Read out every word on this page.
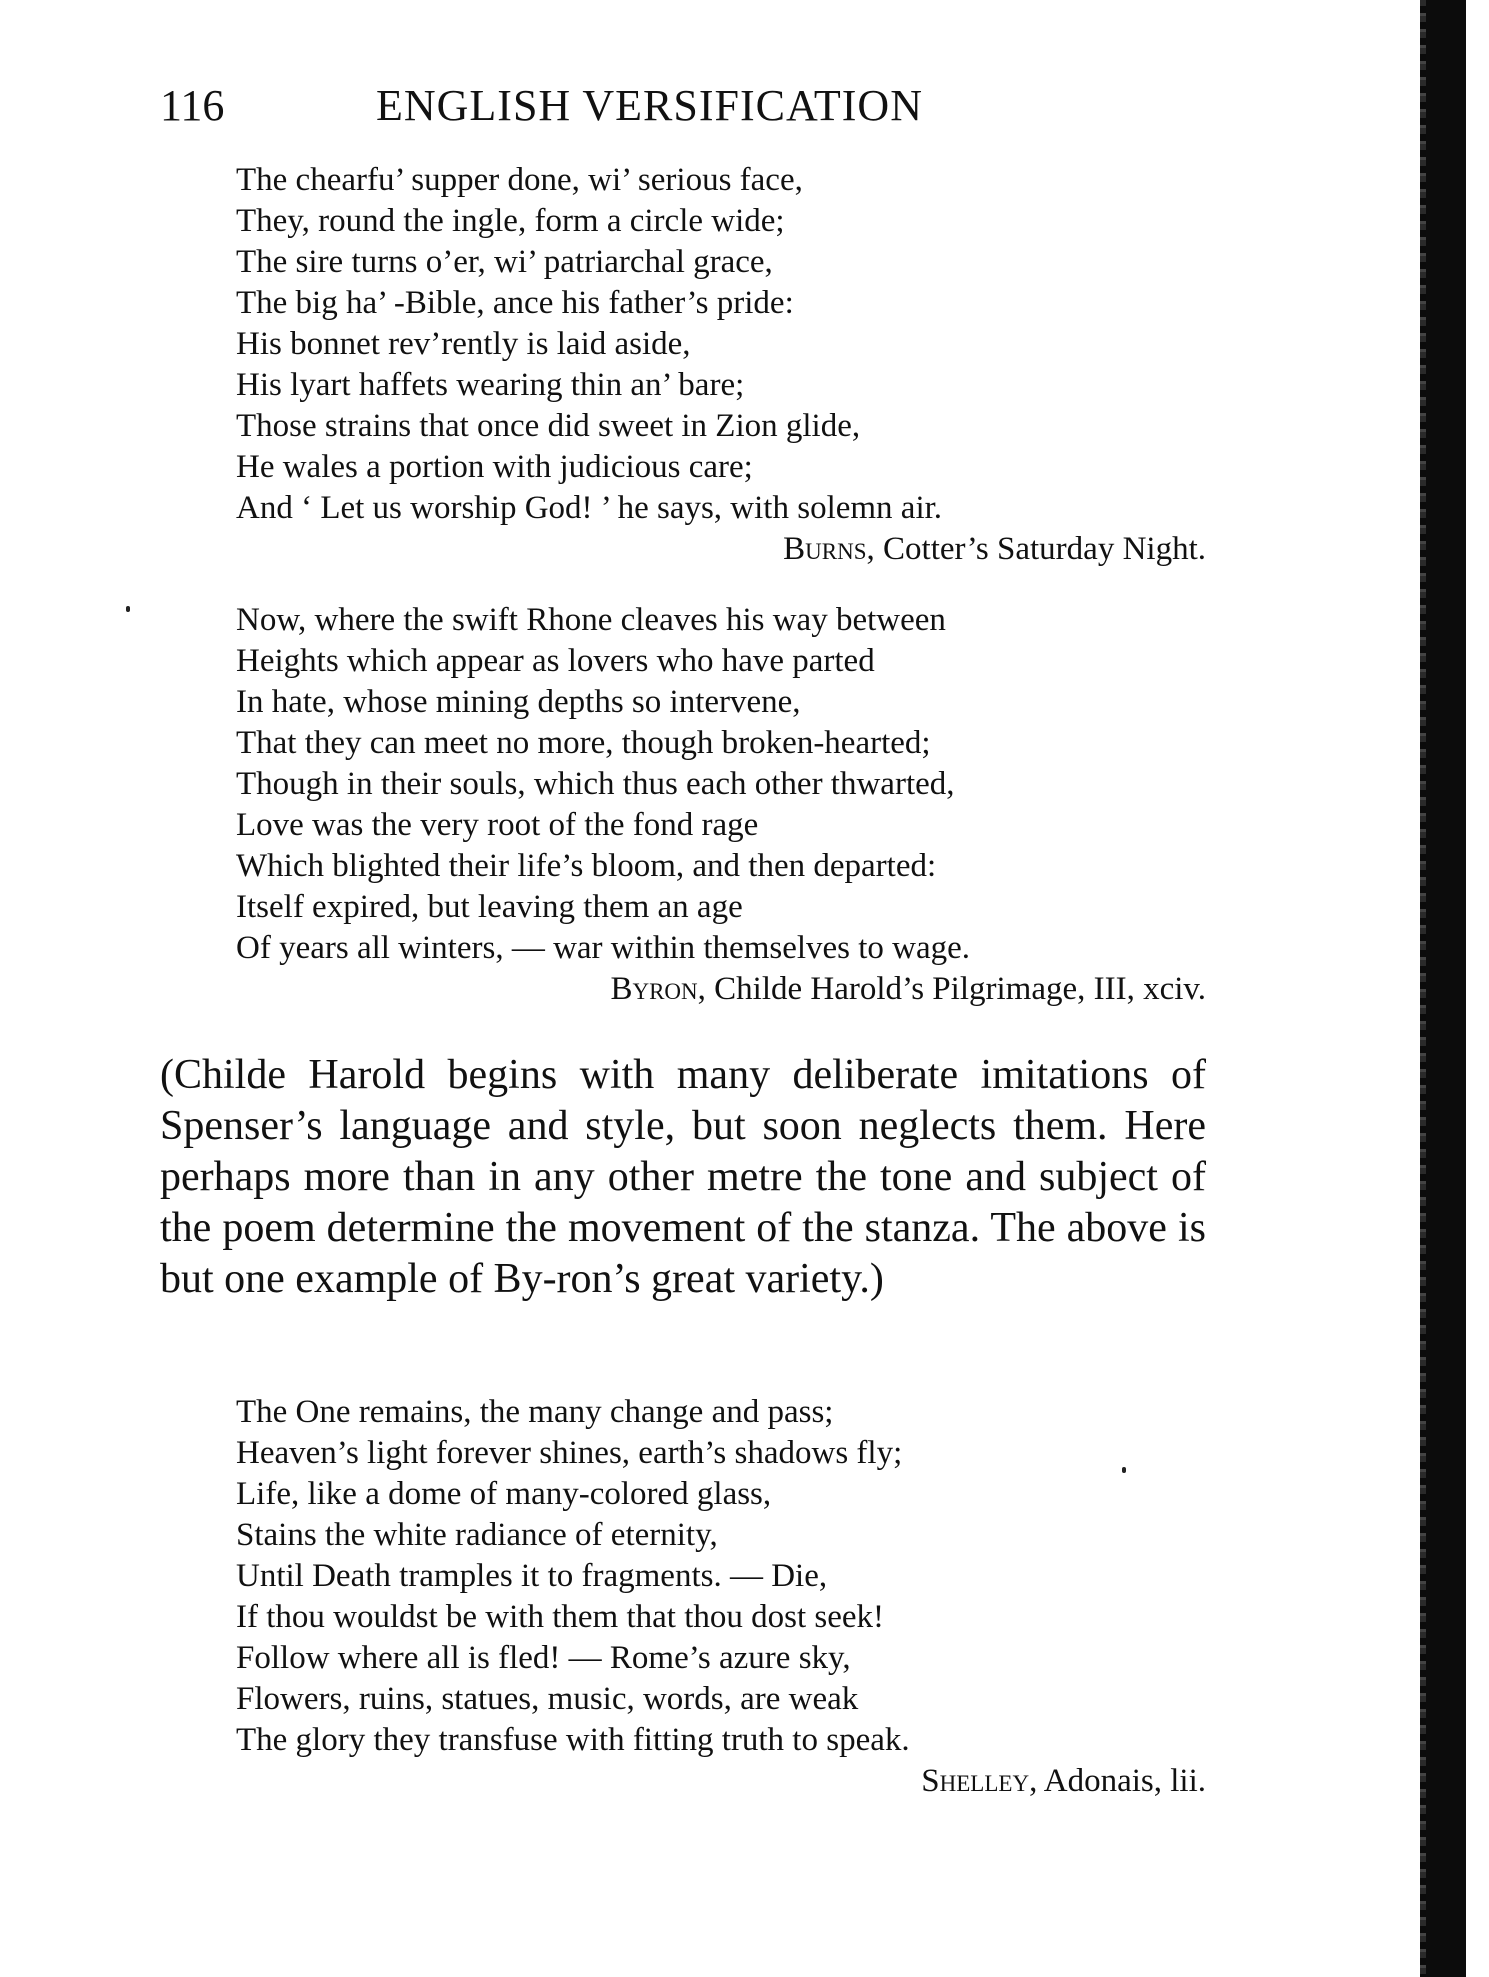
116	ENGLISH VERSIFICATION
The chearfu’ supper done, wi’ serious face,
They, round the ingle, form a circle wide;
The sire turns o’er, wi’ patriarchal grace,
The big ha’ -Bible, ance his father’s pride:
His bonnet rev’rently is laid aside,
His lyart haffets wearing thin an’ bare;
Those strains that once did sweet in Zion glide,
He wales a portion with judicious care;
And ‘ Let us worship God! ’ he says, with solemn air.
Burns, Cotter’s Saturday Night.
Now, where the swift Rhone cleaves his way between
Heights which appear as lovers who have parted
In hate, whose mining depths so intervene,
That they can meet no more, though broken-hearted;
Though in their souls, which thus each other thwarted,
Love was the very root of the fond rage
Which blighted their life’s bloom, and then departed:
Itself expired, but leaving them an age
Of years all winters, — war within themselves to wage.
Byron, Childe Harold’s Pilgrimage, III, xciv.
(Childe Harold begins with many deliberate imitations of Spenser’s language and style, but soon neglects them. Here perhaps more than in any other metre the tone and subject of the poem determine the movement of the stanza. The above is but one example of By-ron’s great variety.)
The One remains, the many change and pass;
Heaven’s light forever shines, earth’s shadows fly;
Life, like a dome of many-colored glass,
Stains the white radiance of eternity,
Until Death tramples it to fragments. — Die,
If thou wouldst be with them that thou dost seek!
Follow where all is fled! — Rome’s azure sky,
Flowers, ruins, statues, music, words, are weak
The glory they transfuse with fitting truth to speak.
Shelley, Adonais, lii.
